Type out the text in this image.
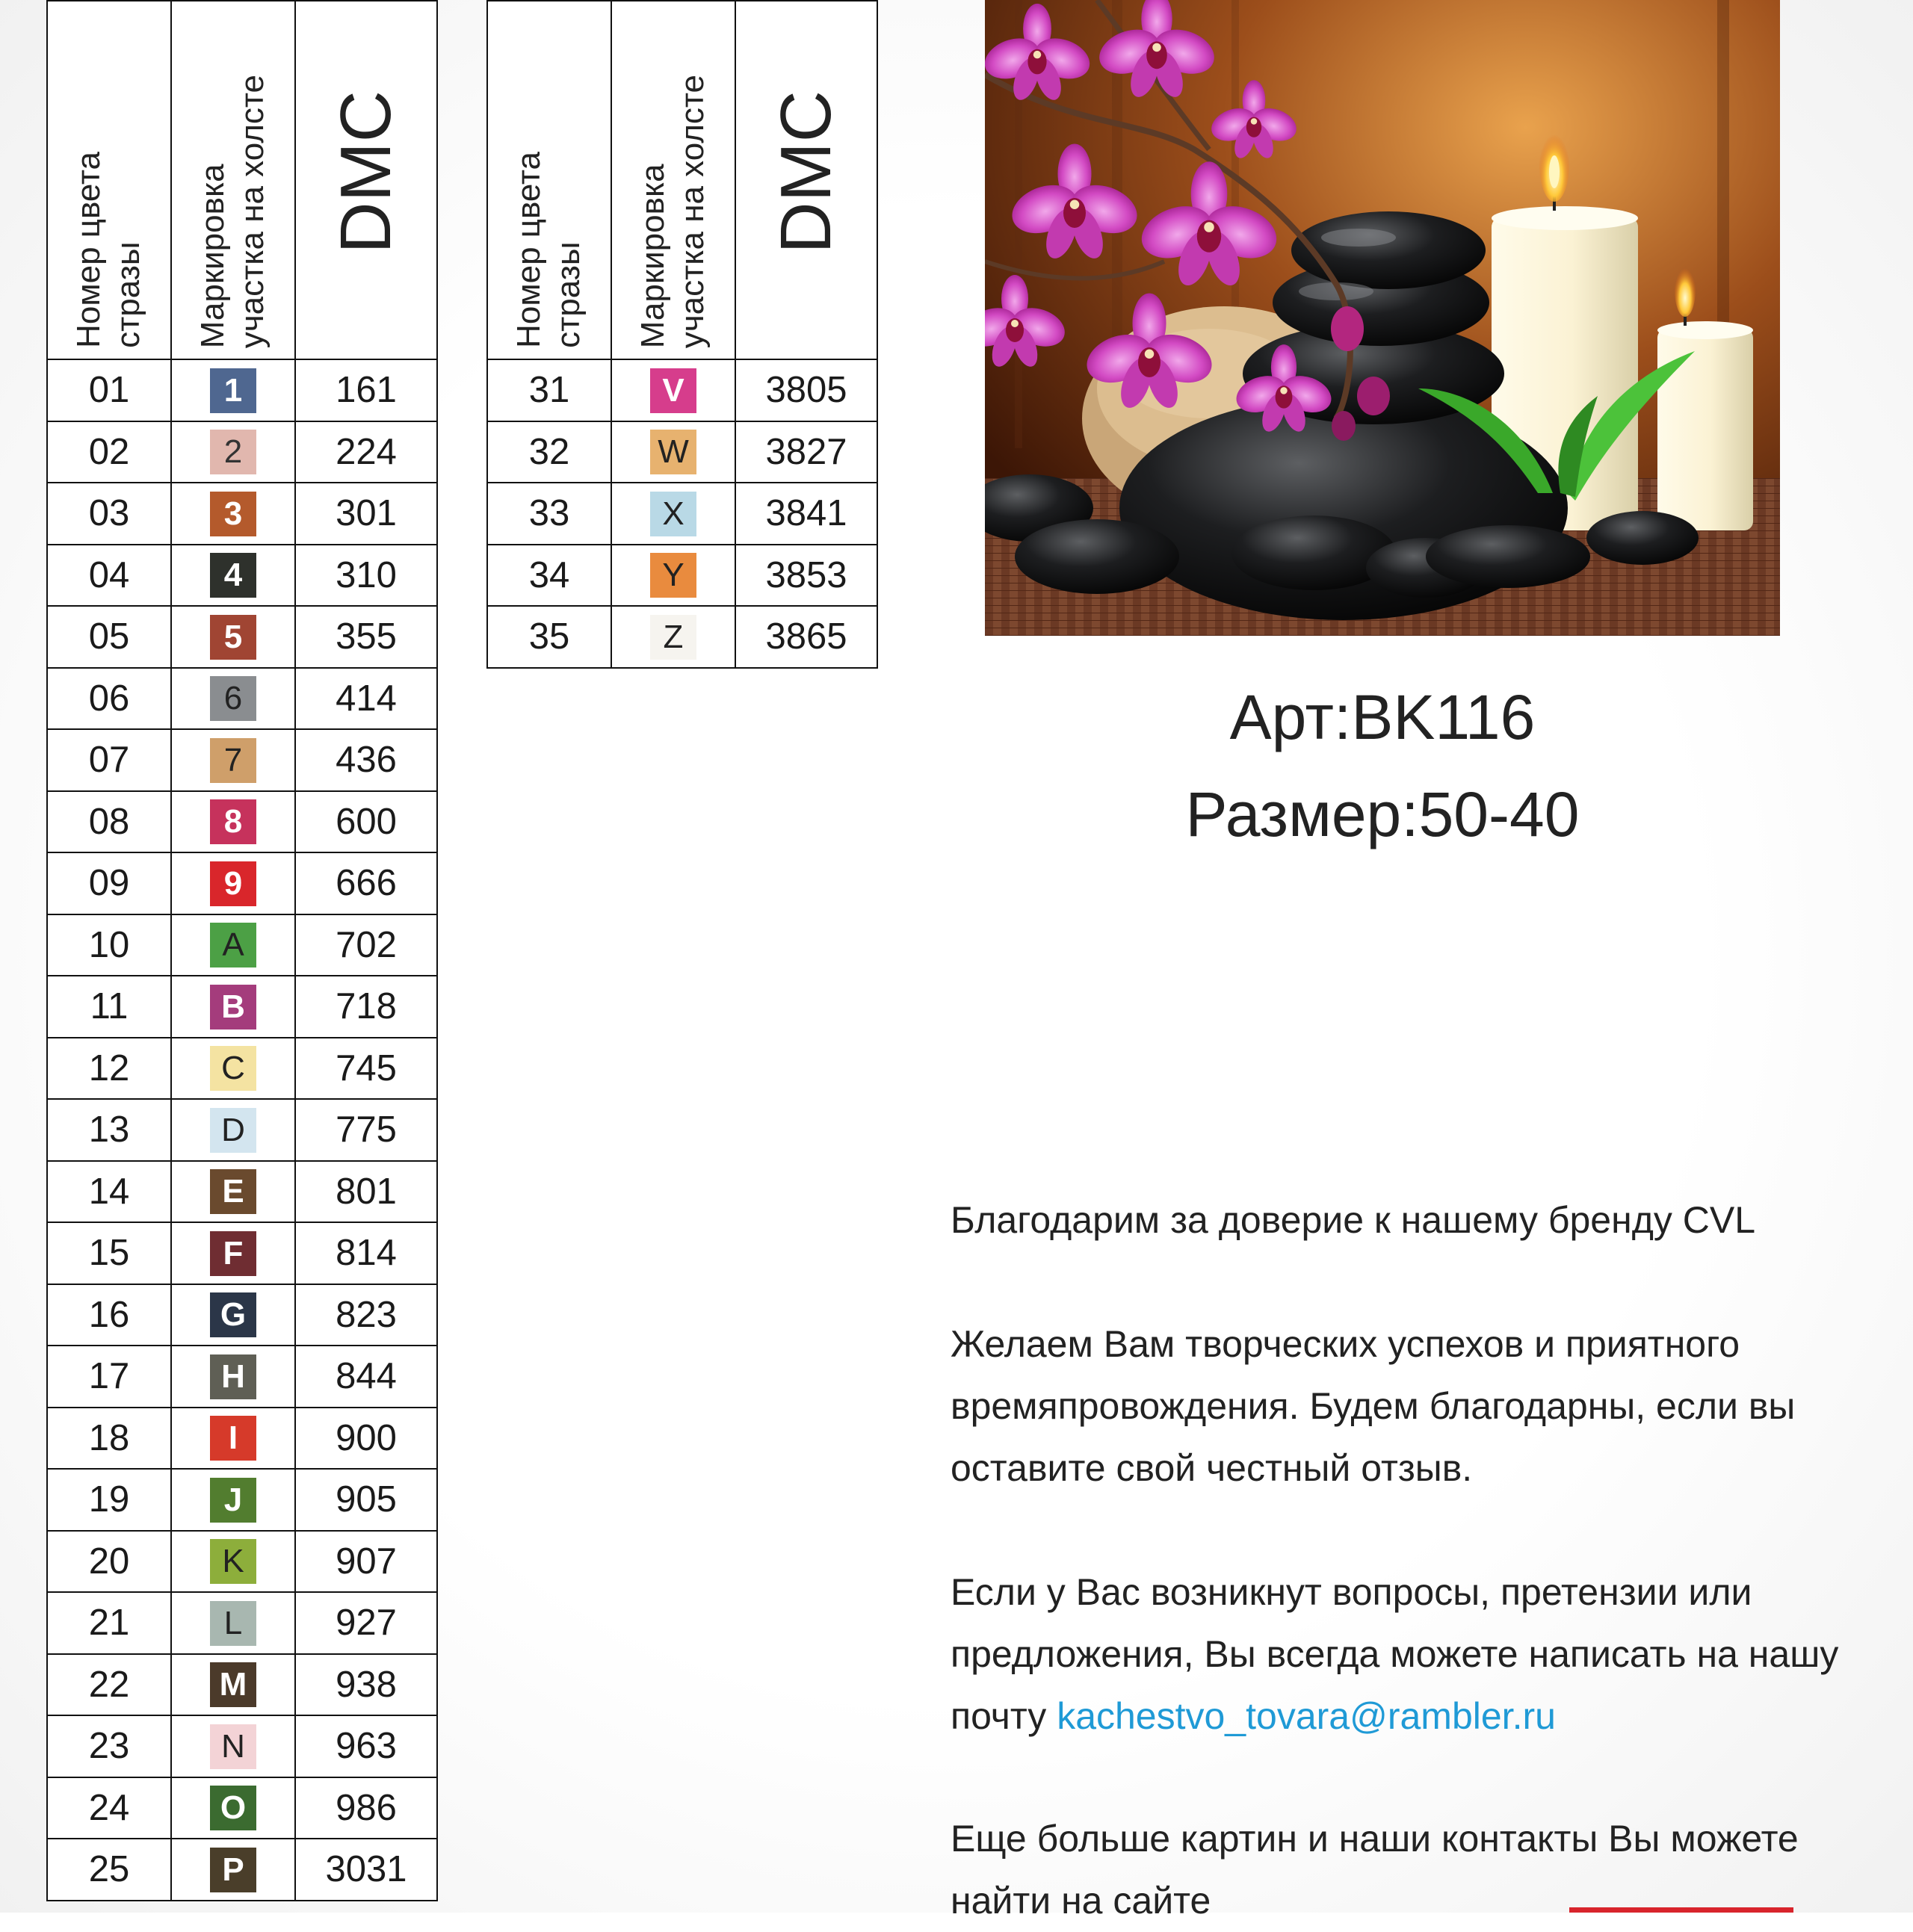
Номер цвета
стразы	Маркировка
участка на холсте	DMC

01	1	161
02	2	224
03	3	301
04	4	310
05	5	355
06	6	414
07	7	436
08	8	600
09	9	666
10	A	702
11	B	718
12	C	745
13	D	775
14	E	801
15	F	814
16	G	823
17	H	844
18	I	900
19	J	905
20	K	907
21	L	927
22	M	938
23	N	963
24	O	986
25	P	3031
Номер цвета
стразы	Маркировка
участка на холсте	DMC

31	V	3805
32	W	3827
33	X	3841
34	Y	3853
35	Z	3865
Арт:BK116
Размер:50-40
Благодарим за доверие к нашему бренду CVL
Желаем Вам творческих успехов и приятного времяпровождения. Будем благодарны, если вы оставите свой честный отзыв.
Если у Вас возникнут вопросы, претензии или предложения, Вы всегда можете написать на нашу почту kachestvo_tovara@rambler.ru
Еще больше картин и наши контакты Вы можете найти на сайте
